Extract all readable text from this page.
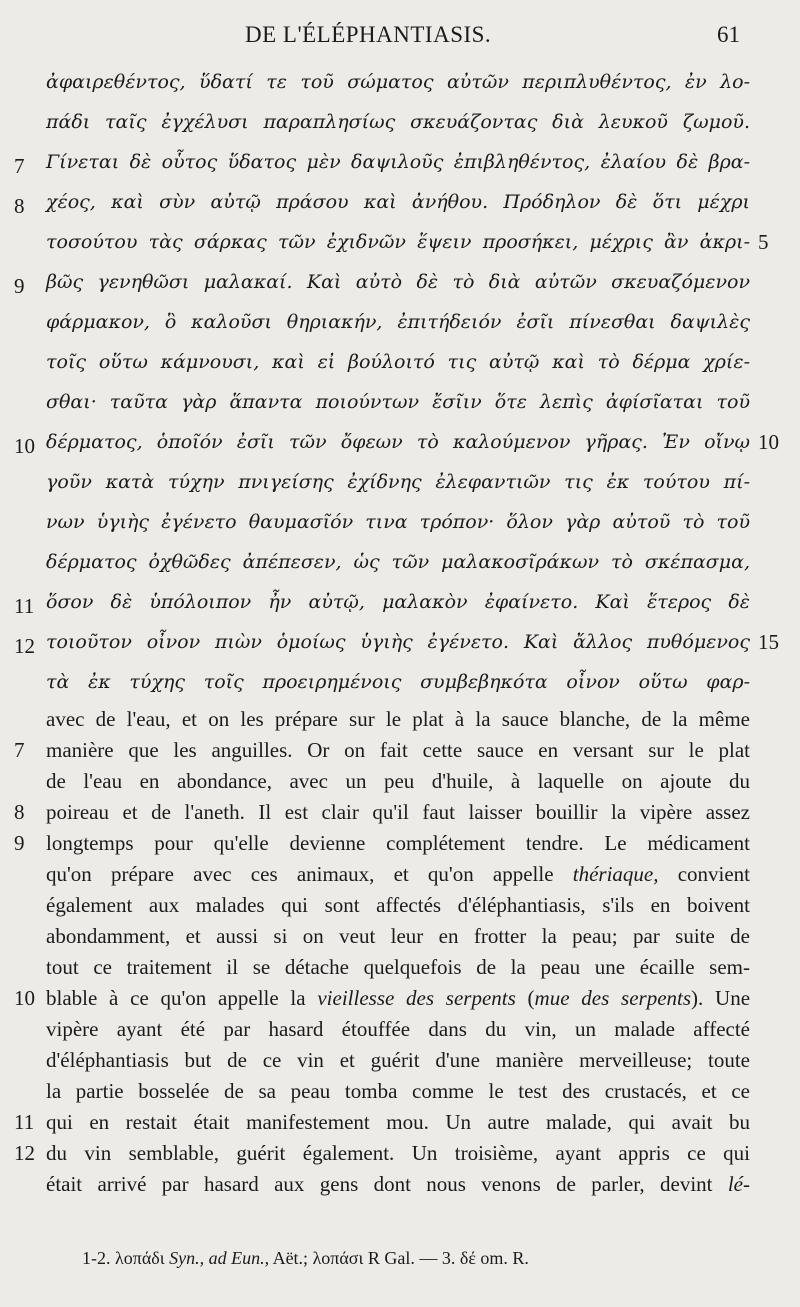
DE L'ÉLÉPHANTIASIS.	61
ἀφαιρεθέντος, ὕδατί τε τοῦ σώματος αὐτῶν περιπλυθέντος, ἐν λο-
πάδι ταῖς ἐγχέλυσι παραπλησίως σκευάζοντας διὰ λευκοῦ ζωμοῦ.
7	Γίνεται δὲ οὗτος ὕδατος μὲν δαψιλοῦς ἐπιβληθέντος, ἐλαίου δὲ βρα-
8	χέος, καὶ σὺν αὐτῷ πράσου καὶ ἀνήθου. Πρόδηλον δὲ ὅτι μέχρι
τοσούτου τὰς σάρκας τῶν ἐχιδνῶν ἕψειν προσήκει, μέχρις ἂν ἀκρι- 5
9	βῶς γενηθῶσι μαλακαί. Καὶ αὐτὸ δὲ τὸ διὰ αὐτῶν σκευαζόμενον
φάρμακον, ὃ καλοῦσι θηριακήν, ἐπιτήδειόν ἐσῖι πίνεσθαι δαψιλὲς
τοῖς οὕτω κάμνουσι, καὶ εἰ βούλοιτό τις αὐτῷ καὶ τὸ δέρμα χρίε-
σθαι· ταῦτα γὰρ ἅπαντα ποιούντων ἔσῖιν ὅτε λεπὶς ἀφίσῖαται τοῦ
10 δέρματος, ὁποῖόν ἐσῖι τῶν ὄφεων τὸ καλούμενον γῆρας. Ἐν οἴνῳ 10
γοῦν κατὰ τύχην πνιγείσης ἐχίδνης ἐλεφαντιῶν τις ἐκ τούτου πί-
νων ὑγιὴς ἐγένετο θαυμασῖόν τινα τρόπον· ὅλον γὰρ αὐτοῦ τὸ τοῦ
δέρματος ὀχθῶδες ἀπέπεσεν, ὡς τῶν μαλακοσῖράκων τὸ σκέπασμα,
11 ὅσον δὲ ὑπόλοιπον ἦν αὐτῷ, μαλακὸν ἐφαίνετο. Καὶ ἕτερος δὲ
12 τοιοῦτον οἶνον πιὼν ὁμοίως ὑγιὴς ἐγένετο. Καὶ ἄλλος πυθόμενος 15
τὰ ἐκ τύχης τοῖς προειρημένοις συμβεβηκότα οἶνον οὕτω φαρ-
avec de l'eau, et on les prépare sur le plat à la sauce blanche, de la même
7	manière que les anguilles. Or on fait cette sauce en versant sur le plat
de l'eau en abondance, avec un peu d'huile, à laquelle on ajoute du
8	poireau et de l'aneth. Il est clair qu'il faut laisser bouillir la vipère assez
9	longtemps pour qu'elle devienne complétement tendre. Le médicament
qu'on prépare avec ces animaux, et qu'on appelle thériaque, convient
également aux malades qui sont affectés d'éléphantiasis, s'ils en boivent
abondamment, et aussi si on veut leur en frotter la peau; par suite de
tout ce traitement il se détache quelquefois de la peau une écaille sem-
10 blable à ce qu'on appelle la vieillesse des serpents (mue des serpents). Une
vipère ayant été par hasard étouffée dans du vin, un malade affecté
d'éléphantiasis but de ce vin et guérit d'une manière merveilleuse; toute
la partie bosselée de sa peau tomba comme le test des crustacés, et ce
11 qui en restait était manifestement mou. Un autre malade, qui avait bu
12 du vin semblable, guérit également. Un troisième, ayant appris ce qui
était arrivé par hasard aux gens dont nous venons de parler, devint lé-
1-2. λοπάδι Syn., ad Eun., Aët.; λοπάσι R Gal. — 3. δέ om. R.
